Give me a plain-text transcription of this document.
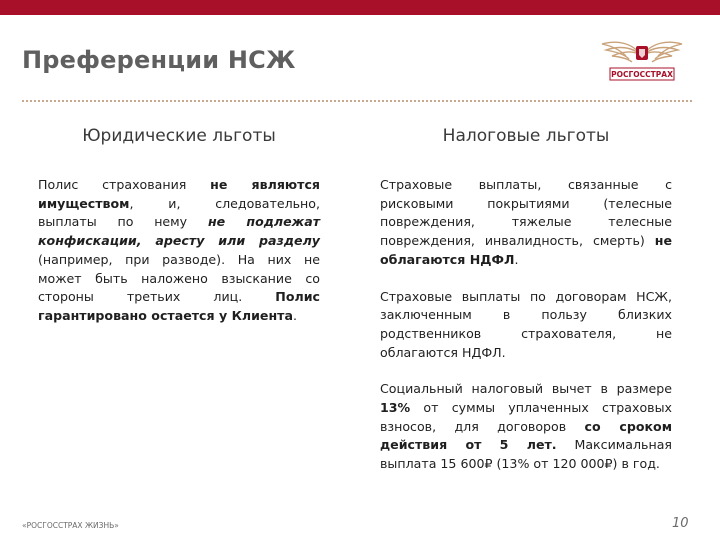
Преференции НСЖ
РОСГОССТРАХ
Юридические льготы	Налоговые льготы

Полис страхования не являются имуществом, и, следовательно, выплаты по нему не подлежат конфискации, аресту или разделу (например, при разводе). На них не может быть наложено взыскание со стороны третьих лиц. Полис гарантировано остается у Клиента.

Страховые выплаты, связанные с рисковыми покрытиями (телесные повреждения, тяжелые телесные повреждения, инвалидность, смерть) не облагаются НДФЛ.

Страховые выплаты по договорам НСЖ, заключенным в пользу близких родственников страхователя, не облагаются НДФЛ.

Социальный налоговый вычет в размере 13% от суммы уплаченных страховых взносов, для договоров со сроком действия от 5 лет. Максимальная выплата 15 600₽ (13% от 120 000₽) в год.

«РОСГОССТРАХ ЖИЗНЬ»	10
